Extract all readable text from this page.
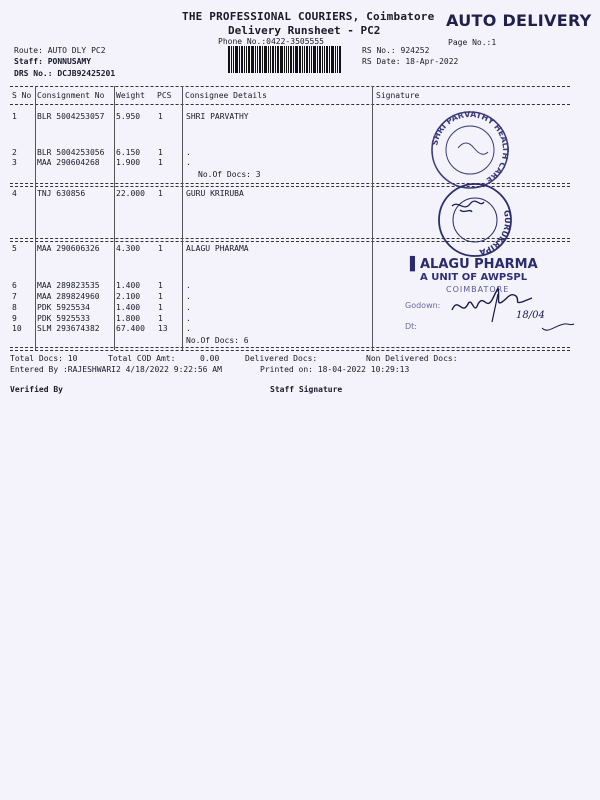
THE PROFESSIONAL COURIERS, Coimbatore
Delivery Runsheet - PC2
Phone No.:0422-3505555
AUTO DELIVERY
Page No.:1
Route: AUTO DLY PC2
Staff: PONNUSAMY
DRS No.: DCJB92425201
RS No.: 924252
RS Date: 18-Apr-2022
S No Consignment No Weight PCS Consignee Details	Signature
1	BLR 5004253057 5.950 1	SHRI PARVATHY
2	BLR 5004253056 6.150 1	.
3	MAA 290604268 1.900 1	.
No.Of Docs: 3
4	TNJ 630856	22.000 1	GURU KRIRUBA
5	MAA 290606326 4.300 1	ALAGU PHARAMA
6	MAA 289823535 1.400 1	.
7	MAA 289824960 2.100 1	.
8	PDK 5925534	1.400 1	.
9	PDK 5925533	1.800 1	.
10 SLM 293674382 67.400 13 .
No.Of Docs: 6
Total Docs: 10	Total COD Amt:	0.00	Delivered Docs:	Non Delivered Docs:
Entered By :RAJESHWARI2 4/18/2022 9:22:56 AM	Printed on: 18-04-2022 10:29:13
Verified By	Staff Signature
SHRI PARVATHY HEALTH CARE
GURUKRIPA
▌ALAGU PHARMA
A UNIT OF AWPSPL
COIMBATORE
Godown:
Dt:
18/04
